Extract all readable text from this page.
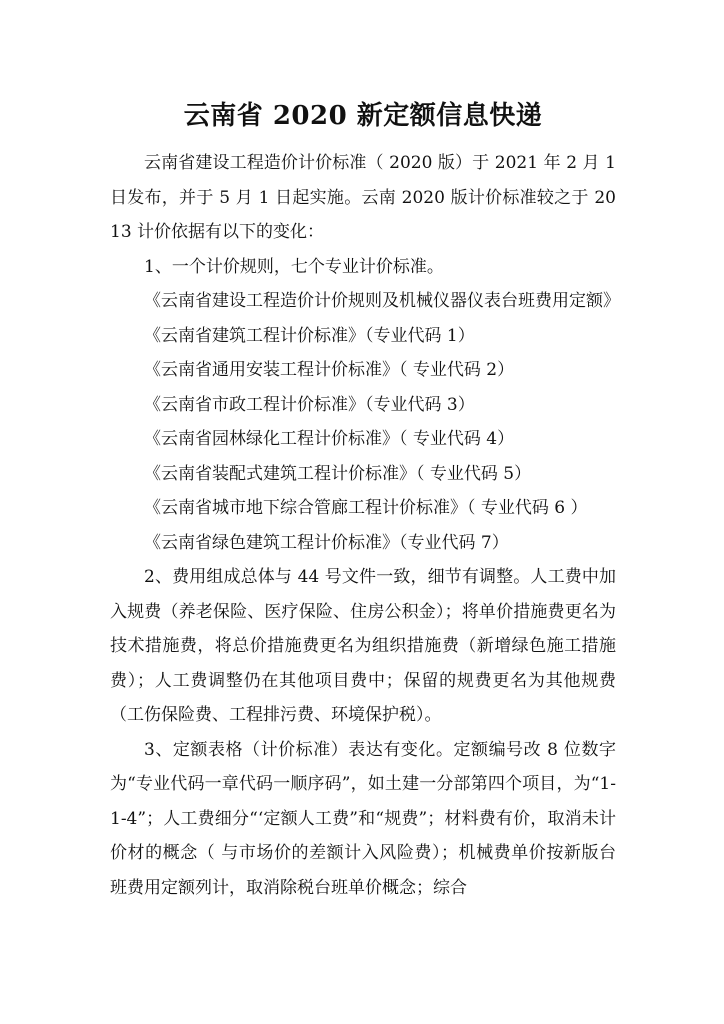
云南省 2020 新定额信息快递

云南省建设工程造价计价标准（ 2020 版）于 2021 年 2 月 1 日发布，并于 5 月 1 日起实施。云南 2020 版计价标准较之于 2013 计价依据有以下的变化：

1、一个计价规则，七个专业计价标准。

《云南省建设工程造价计价规则及机械仪器仪表台班费用定额》

《云南省建筑工程计价标准》（专业代码 1）

《云南省通用安装工程计价标准》（ 专业代码 2）

《云南省市政工程计价标准》（专业代码 3）

《云南省园林绿化工程计价标准》（ 专业代码 4）

《云南省装配式建筑工程计价标准》（ 专业代码 5）

《云南省城市地下综合管廊工程计价标准》（ 专业代码 6 ）

《云南省绿色建筑工程计价标准》（专业代码 7）

2、费用组成总体与 44 号文件一致，细节有调整。人工费中加入规费（养老保险、医疗保险、住房公积金）；将单价措施费更名为技术措施费，将总价措施费更名为组织措施费（新增绿色施工措施费）；人工费调整仍在其他项目费中；保留的规费更名为其他规费（工伤保险费、工程排污费、环境保护税）。

3、定额表格（计价标准）表达有变化。定额编号改 8 位数字为“专业代码一章代码一顺序码”，如土建一分部第四个项目，为“1-1-4”；人工费细分“‘定额人工费”和“规费”；材料费有价，取消未计价材的概念（ 与市场价的差额计入风险费）；机械费单价按新版台班费用定额列计，取消除税台班单价概念；综合
